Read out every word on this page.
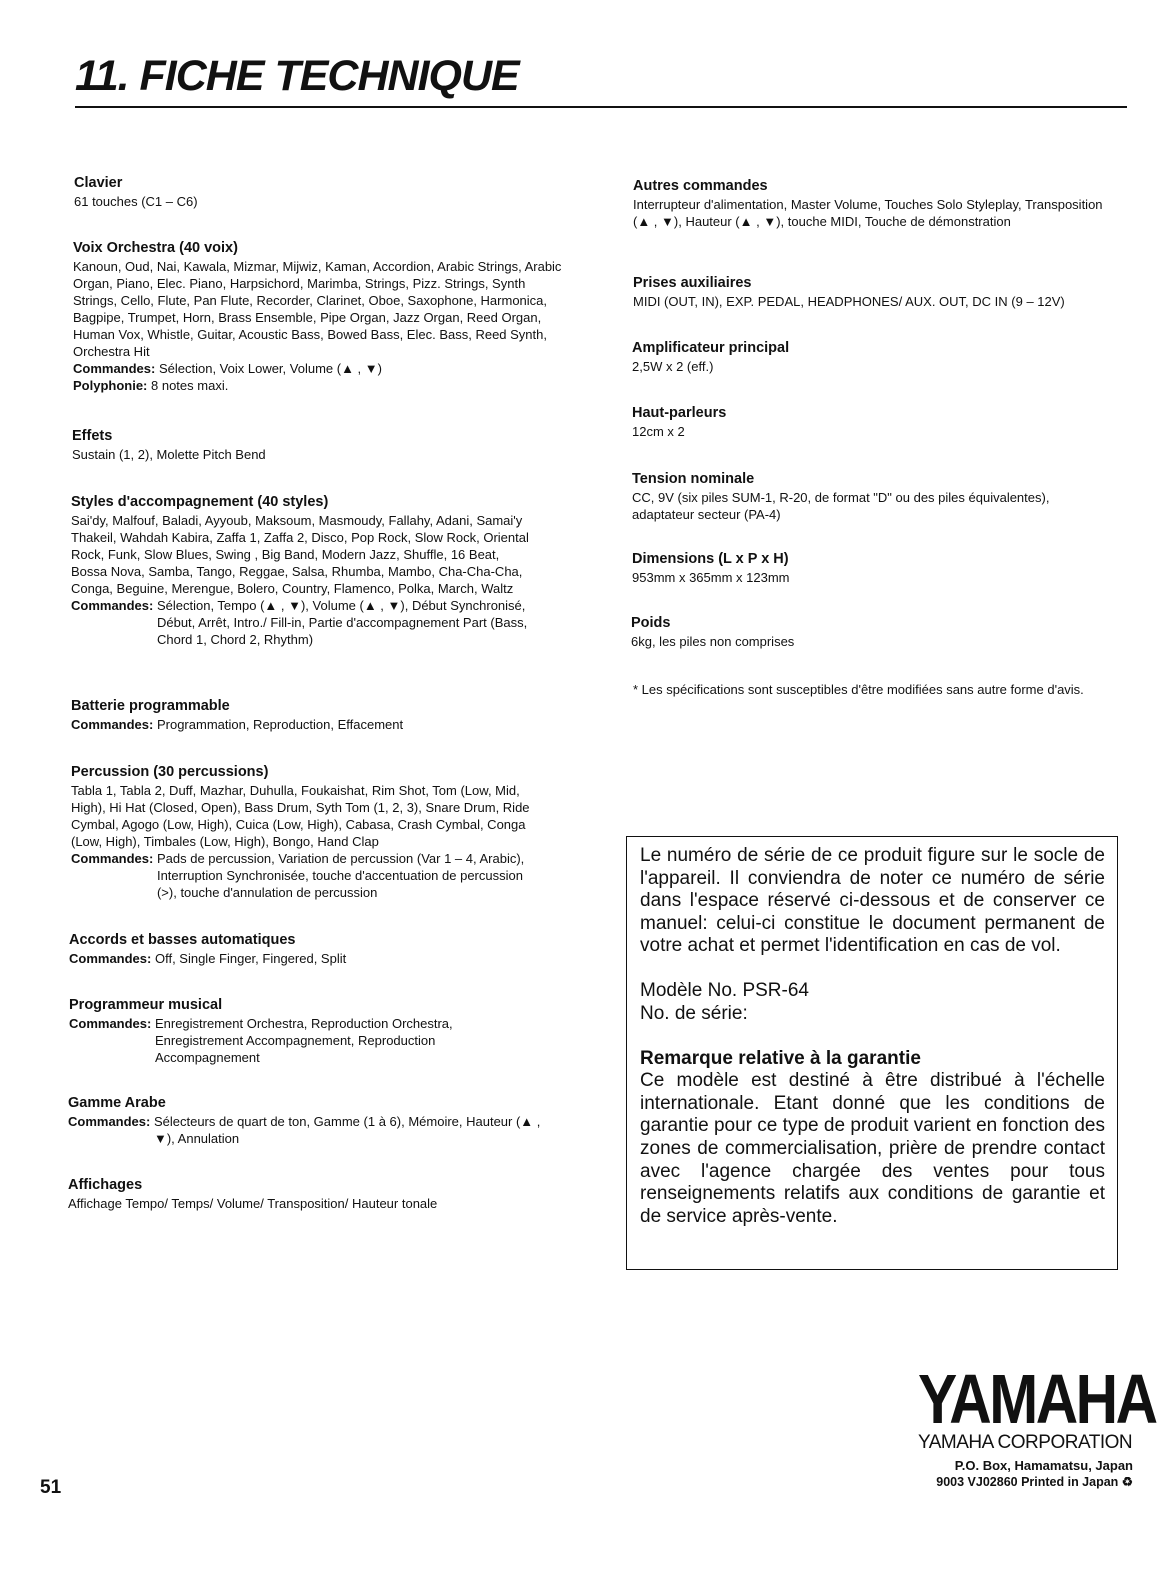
11. FICHE TECHNIQUE
Clavier

61 touches (C1 – C6)

Voix Orchestra (40 voix)

Kanoun, Oud, Nai, Kawala, Mizmar, Mijwiz, Kaman, Accordion, Arabic Strings, Arabic Organ, Piano, Elec. Piano, Harpsichord, Marimba, Strings, Pizz. Strings, Synth Strings, Cello, Flute, Pan Flute, Recorder, Clarinet, Oboe, Saxophone, Harmonica, Bagpipe, Trumpet, Horn, Brass Ensemble, Pipe Organ, Jazz Organ, Reed Organ, Human Vox, Whistle, Guitar, Acoustic Bass, Bowed Bass, Elec. Bass, Reed Synth, Orchestra Hit

Commandes: Sélection, Voix Lower, Volume (▲ , ▼)
Polyphonie: 8 notes maxi.
Effets

Sustain (1, 2), Molette Pitch Bend

Styles d'accompagnement (40 styles)

Sai'dy, Malfouf, Baladi, Ayyoub, Maksoum, Masmoudy, Fallahy, Adani, Samai'y Thakeil, Wahdah Kabira, Zaffa 1, Zaffa 2, Disco, Pop Rock, Slow Rock, Oriental Rock, Funk, Slow Blues, Swing , Big Band, Modern Jazz, Shuffle, 16 Beat, Bossa Nova, Samba, Tango, Reggae, Salsa, Rhumba, Mambo, Cha-Cha-Cha, Conga, Beguine, Merengue, Bolero, Country, Flamenco, Polka, March, Waltz

Commandes: Sélection, Tempo (▲ , ▼), Volume (▲ , ▼), Début Synchronisé, Début, Arrêt, Intro./ Fill-in, Partie d'accompagnement Part (Bass, Chord 1, Chord 2, Rhythm)
Batterie programmable
Commandes: Programmation, Reproduction, Effacement
Percussion (30 percussions)

Tabla 1, Tabla 2, Duff, Mazhar, Duhulla, Foukaishat, Rim Shot, Tom (Low, Mid, High), Hi Hat (Closed, Open), Bass Drum, Syth Tom (1, 2, 3), Snare Drum, Ride Cymbal, Agogo (Low, High), Cuica (Low, High), Cabasa, Crash Cymbal, Conga (Low, High), Timbales (Low, High), Bongo, Hand Clap

Commandes: Pads de percussion, Variation de percussion (Var 1 – 4, Arabic), Interruption Synchronisée, touche d'accentuation de percussion (>), touche d'annulation de percussion
Accords et basses automatiques
Commandes: Off, Single Finger, Fingered, Split
Programmeur musical
Commandes: Enregistrement Orchestra, Reproduction Orchestra, Enregistrement Accompagnement, Reproduction Accompagnement
Gamme Arabe
Commandes: Sélecteurs de quart de ton, Gamme (1 à 6), Mémoire, Hauteur (▲ , ▼), Annulation
Affichages

Affichage Tempo/ Temps/ Volume/ Transposition/ Hauteur tonale

Autres commandes

Interrupteur d'alimentation, Master Volume, Touches Solo Styleplay, Transposition (▲ , ▼), Hauteur (▲ , ▼), touche MIDI, Touche de démonstration

Prises auxiliaires

MIDI (OUT, IN), EXP. PEDAL, HEADPHONES/ AUX. OUT, DC IN (9 – 12V)

Amplificateur principal

2,5W x 2 (eff.)

Haut-parleurs

12cm x 2

Tension nominale

CC, 9V (six piles SUM-1, R-20, de format "D" ou des piles équivalentes), adaptateur secteur (PA-4)

Dimensions (L x P x H)

953mm x 365mm x 123mm

Poids

6kg, les piles non comprises

* Les spécifications sont susceptibles d'être modifiées sans autre forme d'avis.

Le numéro de série de ce produit figure sur le socle de l'appareil. Il conviendra de noter ce numéro de série dans l'espace réservé ci-dessous et de conserver ce manuel: celui-ci constitue le document permanent de votre achat et permet l'identification en cas de vol.

Modèle No. PSR-64
No. de série:
Remarque relative à la garantie

Ce modèle est destiné à être distribué à l'échelle internationale. Etant donné que les conditions de garantie pour ce type de produit varient en fonction des zones de commercialisation, prière de prendre contact avec l'agence chargée des ventes pour tous renseignements relatifs aux conditions de garantie et de service après-vente.

YAMAHA
YAMAHA CORPORATION
P.O. Box, Hamamatsu, Japan
9003 VJ02860 Printed in Japan ♻
51
